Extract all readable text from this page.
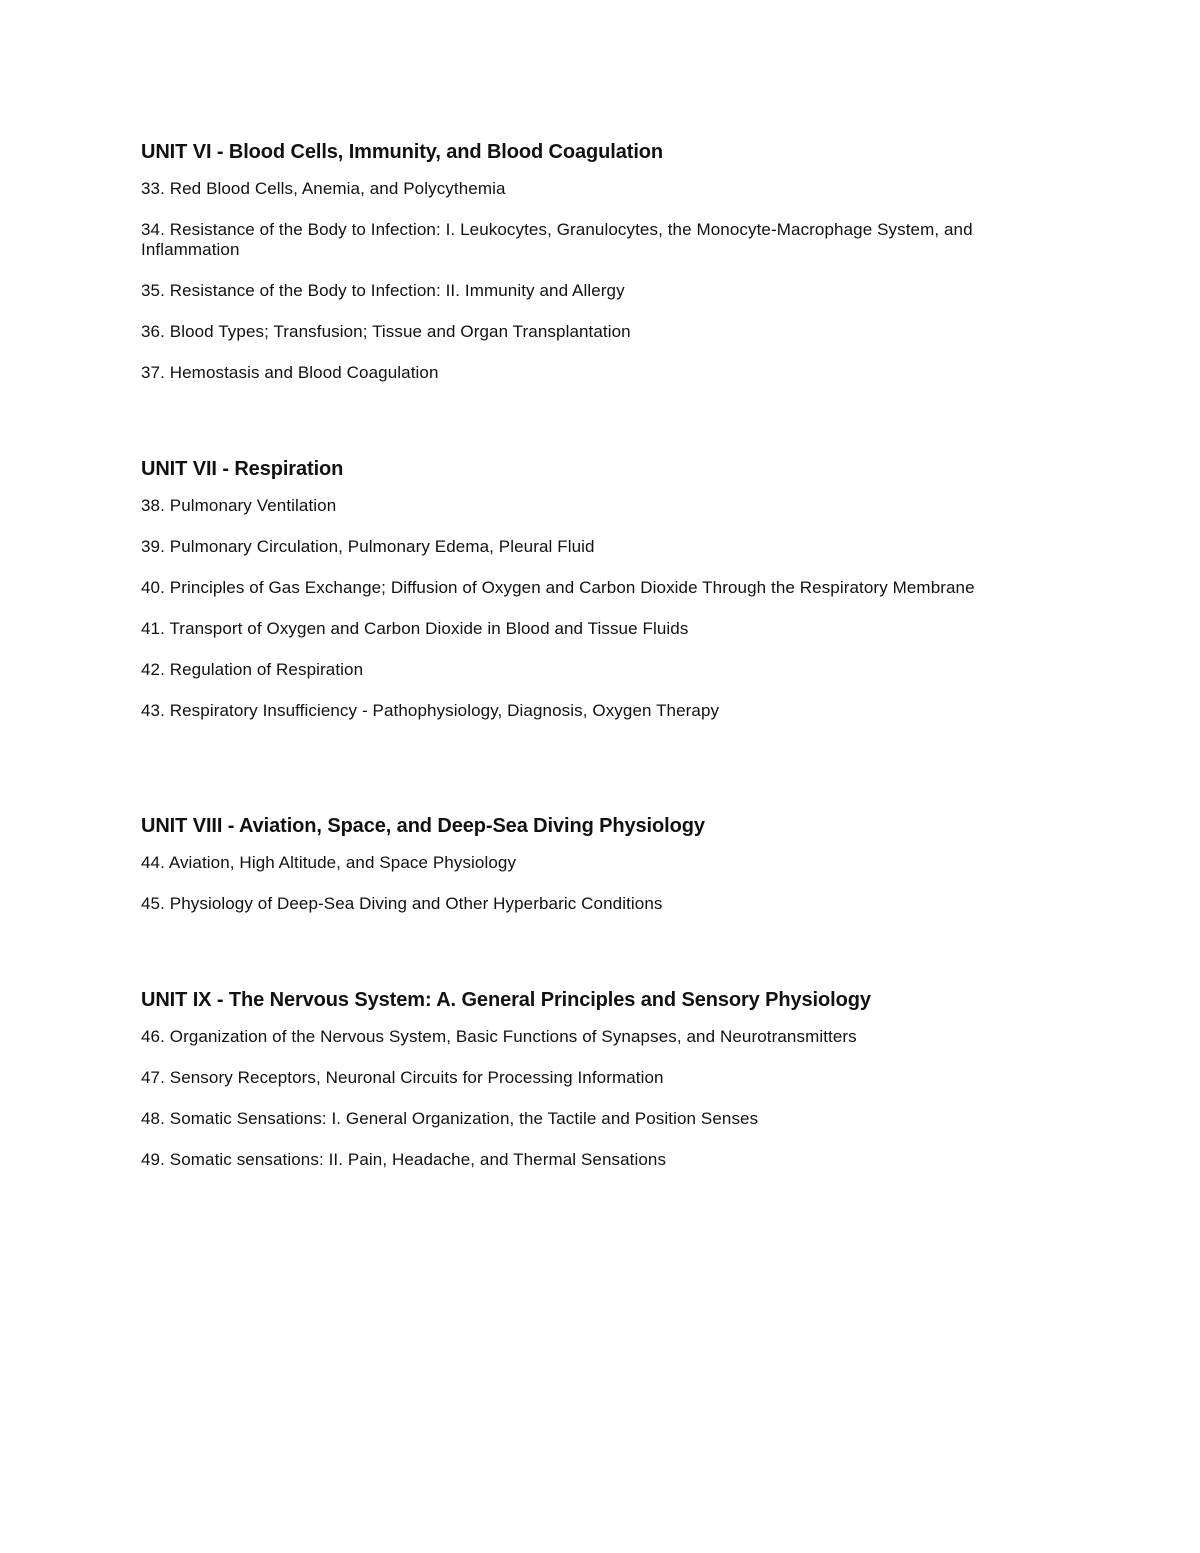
UNIT VI - Blood Cells, Immunity, and Blood Coagulation

33. Red Blood Cells, Anemia, and Polycythemia

34. Resistance of the Body to Infection: I. Leukocytes, Granulocytes, the Monocyte-Macrophage System, and Inflammation

35. Resistance of the Body to Infection: II. Immunity and Allergy

36. Blood Types; Transfusion; Tissue and Organ Transplantation

37. Hemostasis and Blood Coagulation

UNIT VII - Respiration

38. Pulmonary Ventilation

39. Pulmonary Circulation, Pulmonary Edema, Pleural Fluid

40. Principles of Gas Exchange; Diffusion of Oxygen and Carbon Dioxide Through the Respiratory Membrane

41. Transport of Oxygen and Carbon Dioxide in Blood and Tissue Fluids

42. Regulation of Respiration

43. Respiratory Insufficiency - Pathophysiology, Diagnosis, Oxygen Therapy

UNIT VIII - Aviation, Space, and Deep-Sea Diving Physiology

44. Aviation, High Altitude, and Space Physiology

45. Physiology of Deep-Sea Diving and Other Hyperbaric Conditions

UNIT IX - The Nervous System: A. General Principles and Sensory Physiology

46. Organization of the Nervous System, Basic Functions of Synapses, and Neurotransmitters

47. Sensory Receptors, Neuronal Circuits for Processing Information

48. Somatic Sensations: I. General Organization, the Tactile and Position Senses

49. Somatic sensations: II. Pain, Headache, and Thermal Sensations
